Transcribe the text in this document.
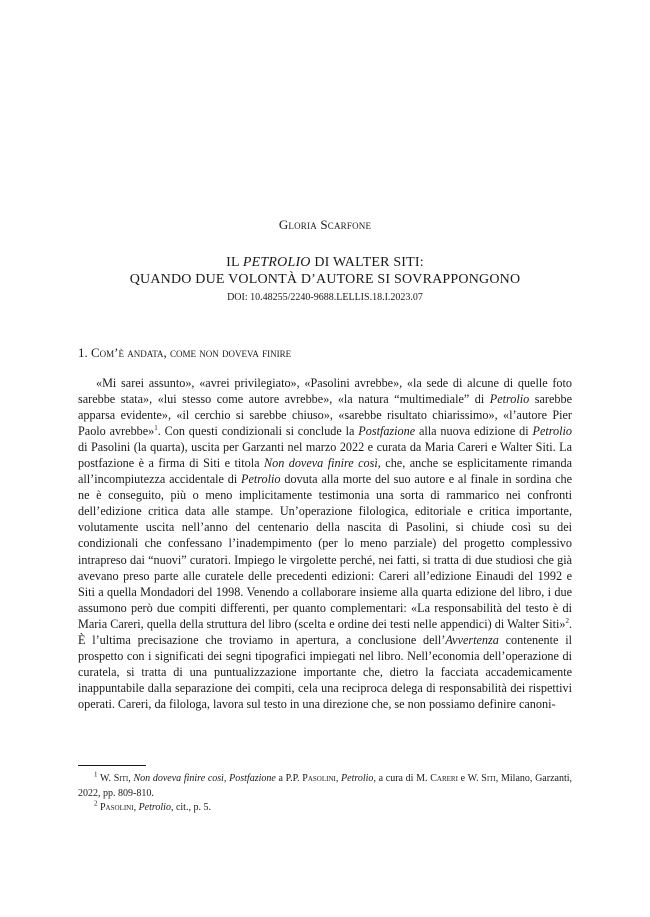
Gloria Scarfone
IL PETROLIO DI WALTER SITI:
QUANDO DUE VOLONTÀ D’AUTORE SI SOVRAPPONGONO
DOI: 10.48255/2240-9688.LELLIS.18.I.2023.07
1. Com’è andata, come non doveva finire

«Mi sarei assunto», «avrei privilegiato», «Pasolini avrebbe», «la sede di alcune di quelle foto sarebbe stata», «lui stesso come autore avrebbe», «la natura “multimediale” di Petrolio sarebbe apparsa evidente», «il cerchio si sarebbe chiuso», «sarebbe risultato chiarissimo», «l’autore Pier Paolo avrebbe»$^1$. Con questi condizionali si conclude la Postfazione alla nuova edizione di Petrolio di Pasolini (la quarta), uscita per Garzanti nel marzo 2022 e curata da Maria Careri e Walter Siti. La postfazione è a firma di Siti e titola Non doveva finire così, che, anche se esplicitamente rimanda all’incompiutezza accidentale di Petrolio dovuta alla morte del suo autore e al finale in sordina che ne è conseguito, più o meno implicitamente testimonia una sorta di rammarico nei confronti dell’edizione critica data alle stampe. Un’operazione filologica, editoriale e critica importante, volutamente uscita nell’anno del centenario della nascita di Pasolini, si chiude così su dei condizionali che confessano l’inadempimento (per lo meno parziale) del progetto complessivo intrapreso dai “nuovi” curatori. Impiego le virgolette perché, nei fatti, si tratta di due studiosi che già avevano preso parte alle curatele delle precedenti edizioni: Careri all’edizione Einaudi del 1992 e Siti a quella Mondadori del 1998. Venendo a collaborare insieme alla quarta edizione del libro, i due assumono però due compiti differenti, per quanto complementari: «La responsabilità del testo è di Maria Careri, quella della struttura del libro (scelta e ordine dei testi nelle appendici) di Walter Siti»$^2$. È l’ultima precisazione che troviamo in apertura, a conclusione dell’Avvertenza contenente il prospetto con i significati dei segni tipografici impiegati nel libro. Nell’economia dell’operazione di curatela, si tratta di una puntualizzazione importante che, dietro la facciata accademicamente inappuntabile dalla separazione dei compiti, cela una reciproca delega di responsabilità dei rispettivi operati. Careri, da filologa, lavora sul testo in una direzione che, se non possiamo definire canoni-

$^1$ W. Siti, Non doveva finire così, Postfazione a P.P. Pasolini, Petrolio, a cura di M. Careri e W. Siti, Milano, Garzanti, 2022, pp. 809-810.

$^2$ Pasolini, Petrolio, cit., p. 5.
